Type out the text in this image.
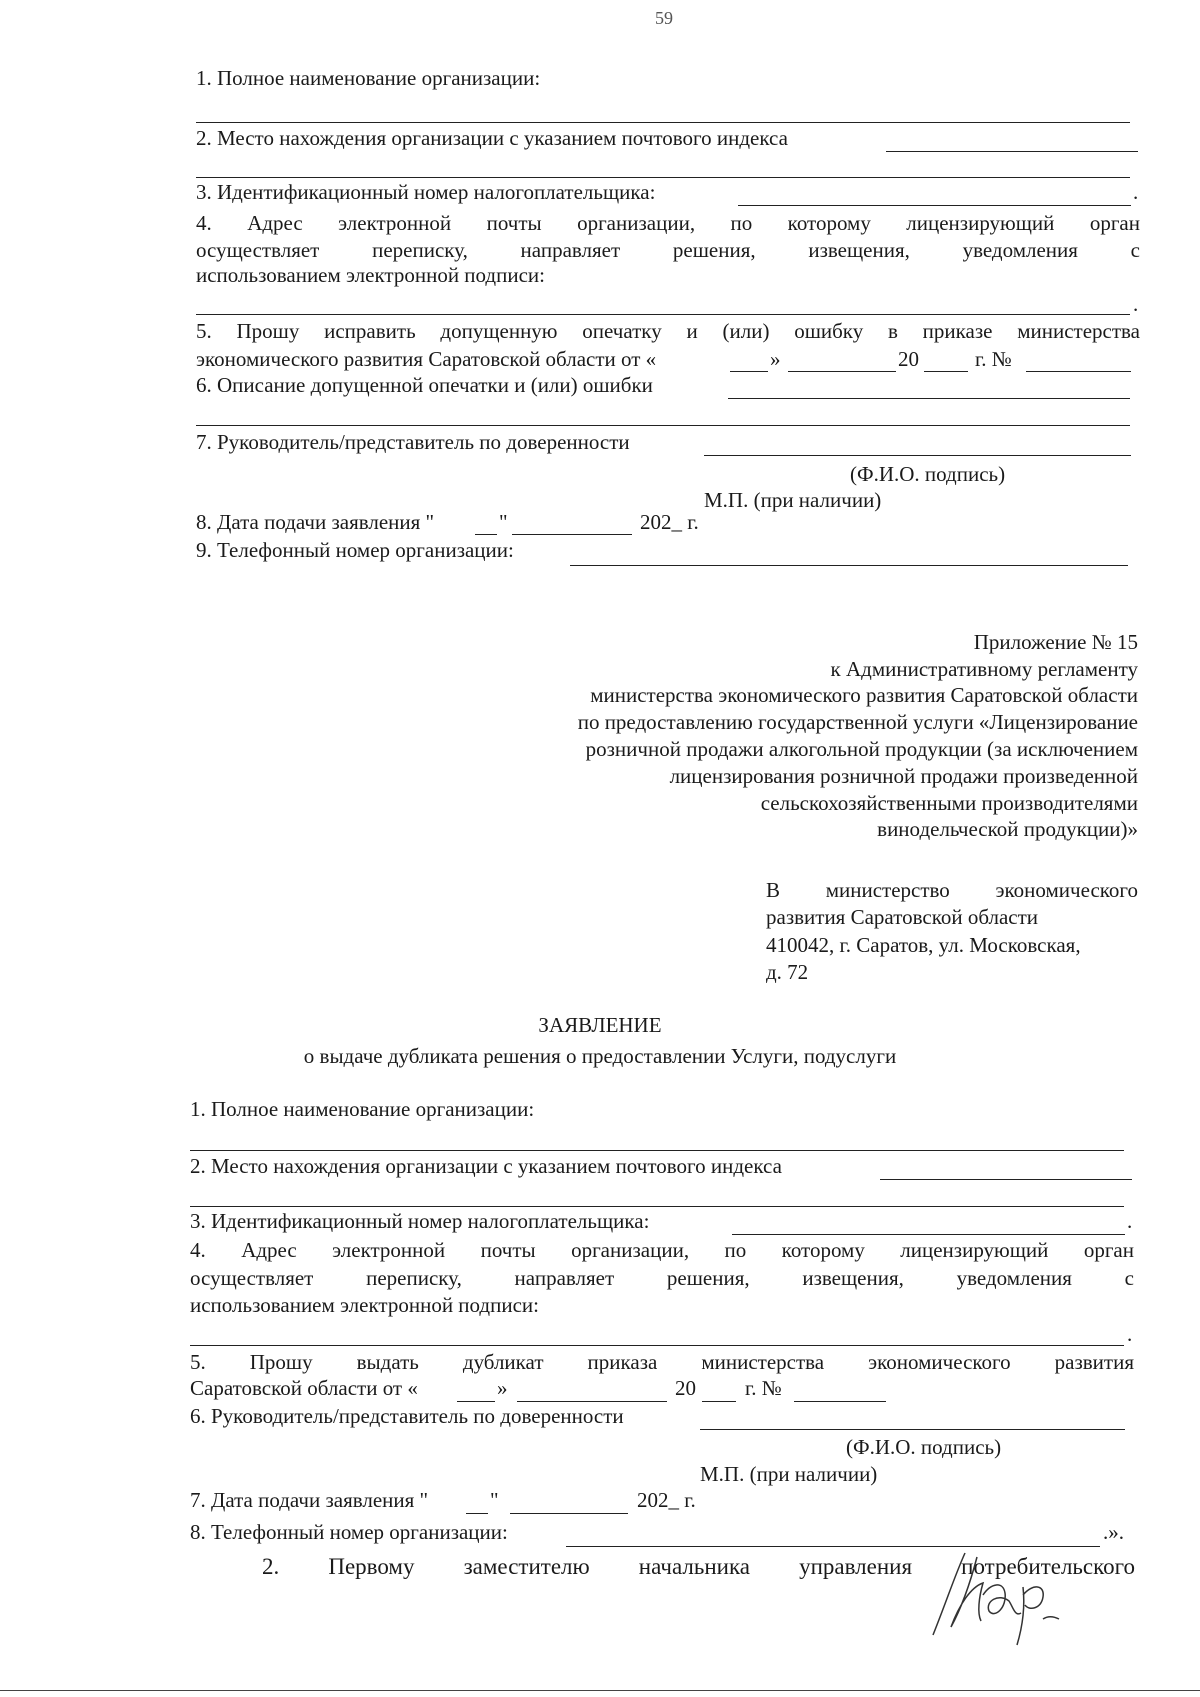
59
1. Полное наименование организации:
2. Место нахождения организации с указанием почтового индекса
3. Идентификационный номер налогоплательщика:	.
4. Адрес электронной почты организации, по которому лицензирующий орган
осуществляет переписку, направляет решения, извещения, уведомления с
использованием электронной подписи:
.
5. Прошу исправить допущенную опечатку и (или) ошибку в приказе министерства
экономического развития Саратовской области от «	»	20	г. №
6. Описание допущенной опечатки и (или) ошибки
7. Руководитель/представитель по доверенности
(Ф.И.О. подпись)
М.П. (при наличии)
8. Дата подачи заявления "	"	202_ г.
9. Телефонный номер организации:
Приложение № 15
к Административному регламенту
министерства экономического развития Саратовской области
по предоставлению государственной услуги «Лицензирование
розничной продажи алкогольной продукции (за исключением
лицензирования розничной продажи произведенной
сельскохозяйственными производителями
винодельческой продукции)»
В министерство экономического
развития Саратовской области
410042, г. Саратов, ул. Московская,
д. 72
ЗАЯВЛЕНИЕ
о выдаче дубликата решения о предоставлении Услуги, подуслуги
1. Полное наименование организации:
2. Место нахождения организации с указанием почтового индекса
3. Идентификационный номер налогоплательщика:	.
4. Адрес электронной почты организации, по которому лицензирующий орган
осуществляет переписку, направляет решения, извещения, уведомления с
использованием электронной подписи:
.
5. Прошу выдать дубликат приказа министерства экономического развития
Саратовской области от «	»	20 г. №
6. Руководитель/представитель по доверенности
(Ф.И.О. подпись)
М.П. (при наличии)
7. Дата подачи заявления "	"	202_ г.
8. Телефонный номер организации:	.».
2. Первому заместителю начальника управления потребительского
